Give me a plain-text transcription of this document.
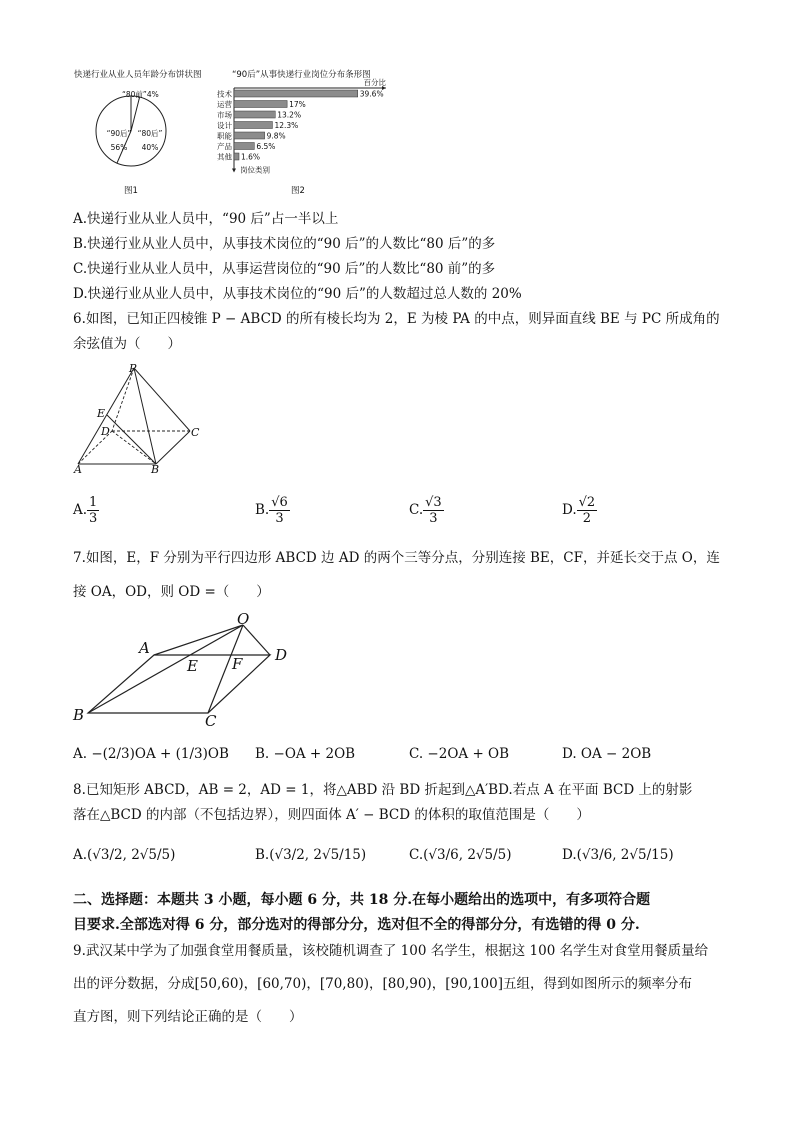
快递行业从业人员年龄分布饼状图
“80前”4%
“90后”
56%
“80后”
40%
图1
“90后”从事快递行业岗位分布条形图
百分比
岗位类别
技术	39.6%
运营	17%
市场	13.2%
设计	12.3%
职能	9.8%
产品	6.5%
其他 1.6%
图2
A.快递行业从业人员中，“90 后”占一半以上
B.快递行业从业人员中，从事技术岗位的“90 后”的人数比“80 后”的多
C.快递行业从业人员中，从事运营岗位的“90 后”的人数比“80 前”的多
D.快递行业从业人员中，从事技术岗位的“90 后”的人数超过总人数的 20%
6.如图，已知正四棱锥 P − ABCD 的所有棱长均为 2，E 为棱 PA 的中点，则异面直线 BE 与 PC 所成角的
余弦值为（　　）
P
E
D	C
A	B
A. $\frac{1}{3}$	B. $\frac{√6}{3}$	C. $\frac{√3}{3}$	D. $\frac{√2}{2}$
7.如图，E，F 分别为平行四边形 ABCD 边 AD 的两个三等分点，分别连接 BE，CF，并延长交于点 O，连
接 OA，OD，则 OD =（　　）
O
A
E F D
B	C
A. −(2/3)OA + (1/3)OB B. −OA + 2OB	C. −2OA + OB	D. OA − 2OB
8.已知矩形 ABCD，AB = 2，AD = 1，将△ABD 沿 BD 折起到△A′BD.若点 A 在平面 BCD 上的射影
落在△BCD 的内部（不包括边界），则四面体 A′ − BCD 的体积的取值范围是（　　）
A.(√3/2, 2√5/5)	B.(√3/2, 2√5/15)	C.(√3/6, 2√5/5)	D.(√3/6, 2√5/15)
二、选择题：本题共 3 小题，每小题 6 分，共 18 分.在每小题给出的选项中，有多项符合题
目要求.全部选对得 6 分，部分选对的得部分分，选对但不全的得部分分，有选错的得 0 分.
9.武汉某中学为了加强食堂用餐质量，该校随机调查了 100 名学生，根据这 100 名学生对食堂用餐质量给
出的评分数据，分成[50,60)，[60,70)，[70,80)，[80,90)，[90,100]五组，得到如图所示的频率分布
直方图，则下列结论正确的是（　　）
